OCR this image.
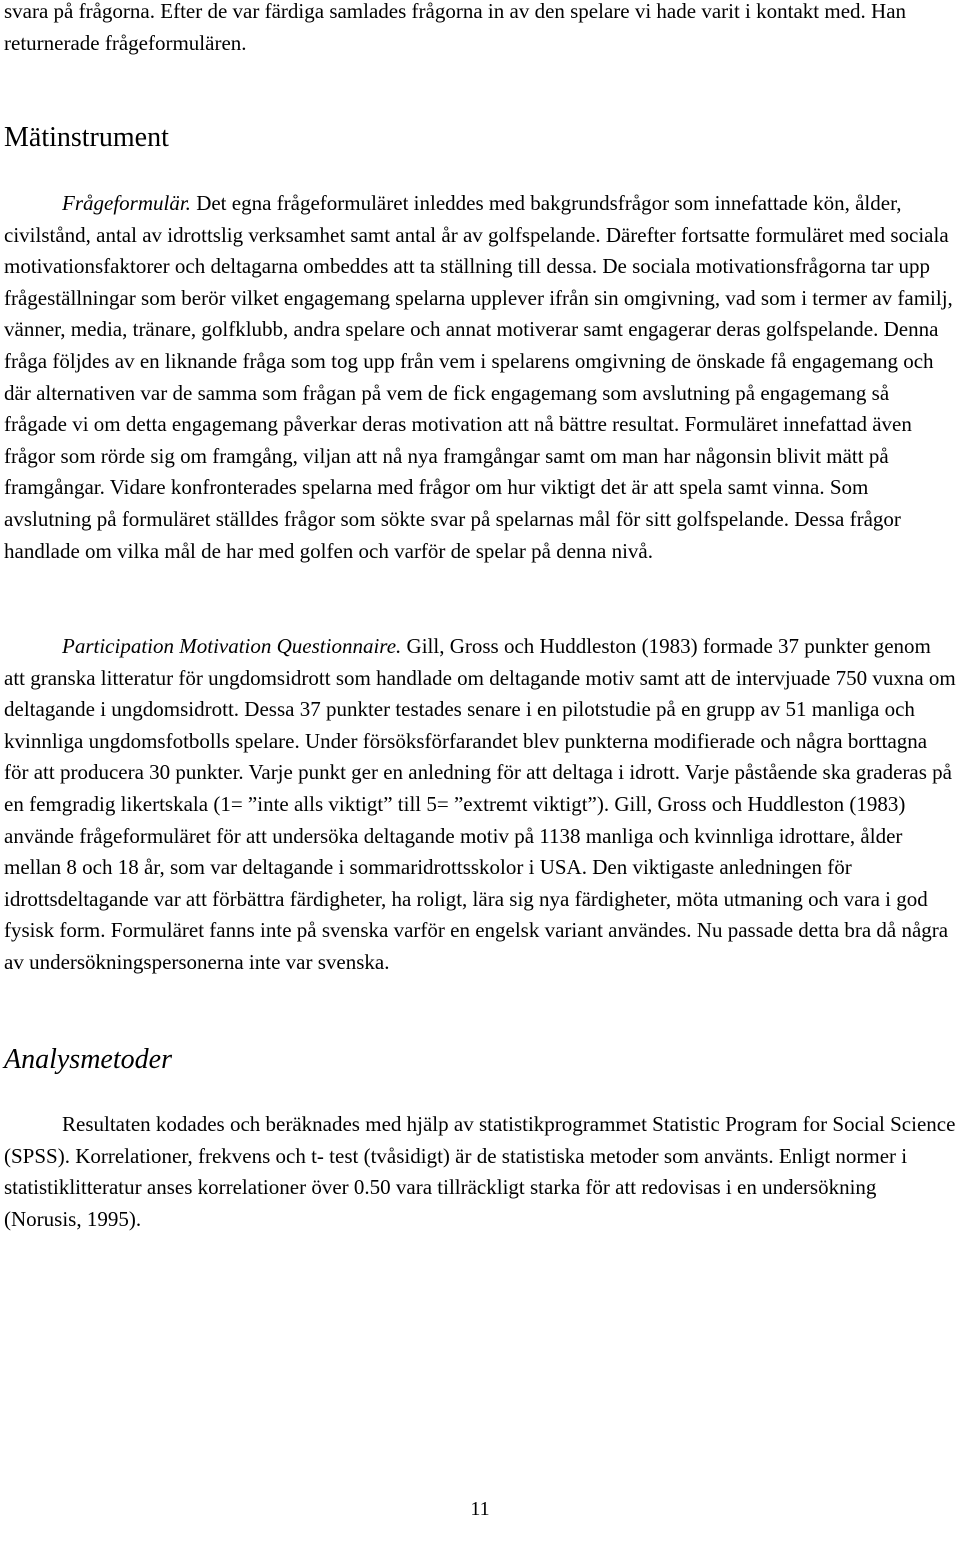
svara på frågorna. Efter de var färdiga samlades frågorna in av den spelare vi hade varit i kontakt med. Han returnerade frågeformulären.

Mätinstrument

Frågeformulär. Det egna frågeformuläret inleddes med bakgrundsfrågor som innefattade kön, ålder, civilstånd, antal av idrottslig verksamhet samt antal år av golfspelande. Därefter fortsatte formuläret med sociala motivationsfaktorer och deltagarna ombeddes att ta ställning till dessa. De sociala motivationsfrågorna tar upp frågeställningar som berör vilket engagemang spelarna upplever ifrån sin omgivning, vad som i termer av familj, vänner, media, tränare, golfklubb, andra spelare och annat motiverar samt engagerar deras golfspelande. Denna fråga följdes av en liknande fråga som tog upp från vem i spelarens omgivning de önskade få engagemang och där alternativen var de samma som frågan på vem de fick engagemang som avslutning på engagemang så frågade vi om detta engagemang påverkar deras motivation att nå bättre resultat. Formuläret innefattad även frågor som rörde sig om framgång, viljan att nå nya framgångar samt om man har någonsin blivit mätt på framgångar. Vidare konfronterades spelarna med frågor om hur viktigt det är att spela samt vinna. Som avslutning på formuläret ställdes frågor som sökte svar på spelarnas mål för sitt golfspelande. Dessa frågor handlade om vilka mål de har med golfen och varför de spelar på denna nivå.

Participation Motivation Questionnaire. Gill, Gross och Huddleston (1983) formade 37 punkter genom att granska litteratur för ungdomsidrott som handlade om deltagande motiv samt att de intervjuade 750 vuxna om deltagande i ungdomsidrott. Dessa 37 punkter testades senare i en pilotstudie på en grupp av 51 manliga och kvinnliga ungdomsfotbolls spelare. Under försöksförfarandet blev punkterna modifierade och några borttagna för att producera 30 punkter. Varje punkt ger en anledning för att deltaga i idrott. Varje påstående ska graderas på en femgradig likertskala (1= ”inte alls viktigt” till 5= ”extremt viktigt”). Gill, Gross och Huddleston (1983) använde frågeformuläret för att undersöka deltagande motiv på 1138 manliga och kvinnliga idrottare, ålder mellan 8 och 18 år, som var deltagande i sommaridrottsskolor i USA. Den viktigaste anledningen för idrottsdeltagande var att förbättra färdigheter, ha roligt, lära sig nya färdigheter, möta utmaning och vara i god fysisk form. Formuläret fanns inte på svenska varför en engelsk variant användes. Nu passade detta bra då några av undersökningspersonerna inte var svenska.

Analysmetoder

Resultaten kodades och beräknades med hjälp av statistikprogrammet Statistic Program for Social Science (SPSS). Korrelationer, frekvens och t- test (tvåsidigt) är de statistiska metoder som använts. Enligt normer i statistiklitteratur anses korrelationer över 0.50 vara tillräckligt starka för att redovisas i en undersökning (Norusis, 1995).

11
